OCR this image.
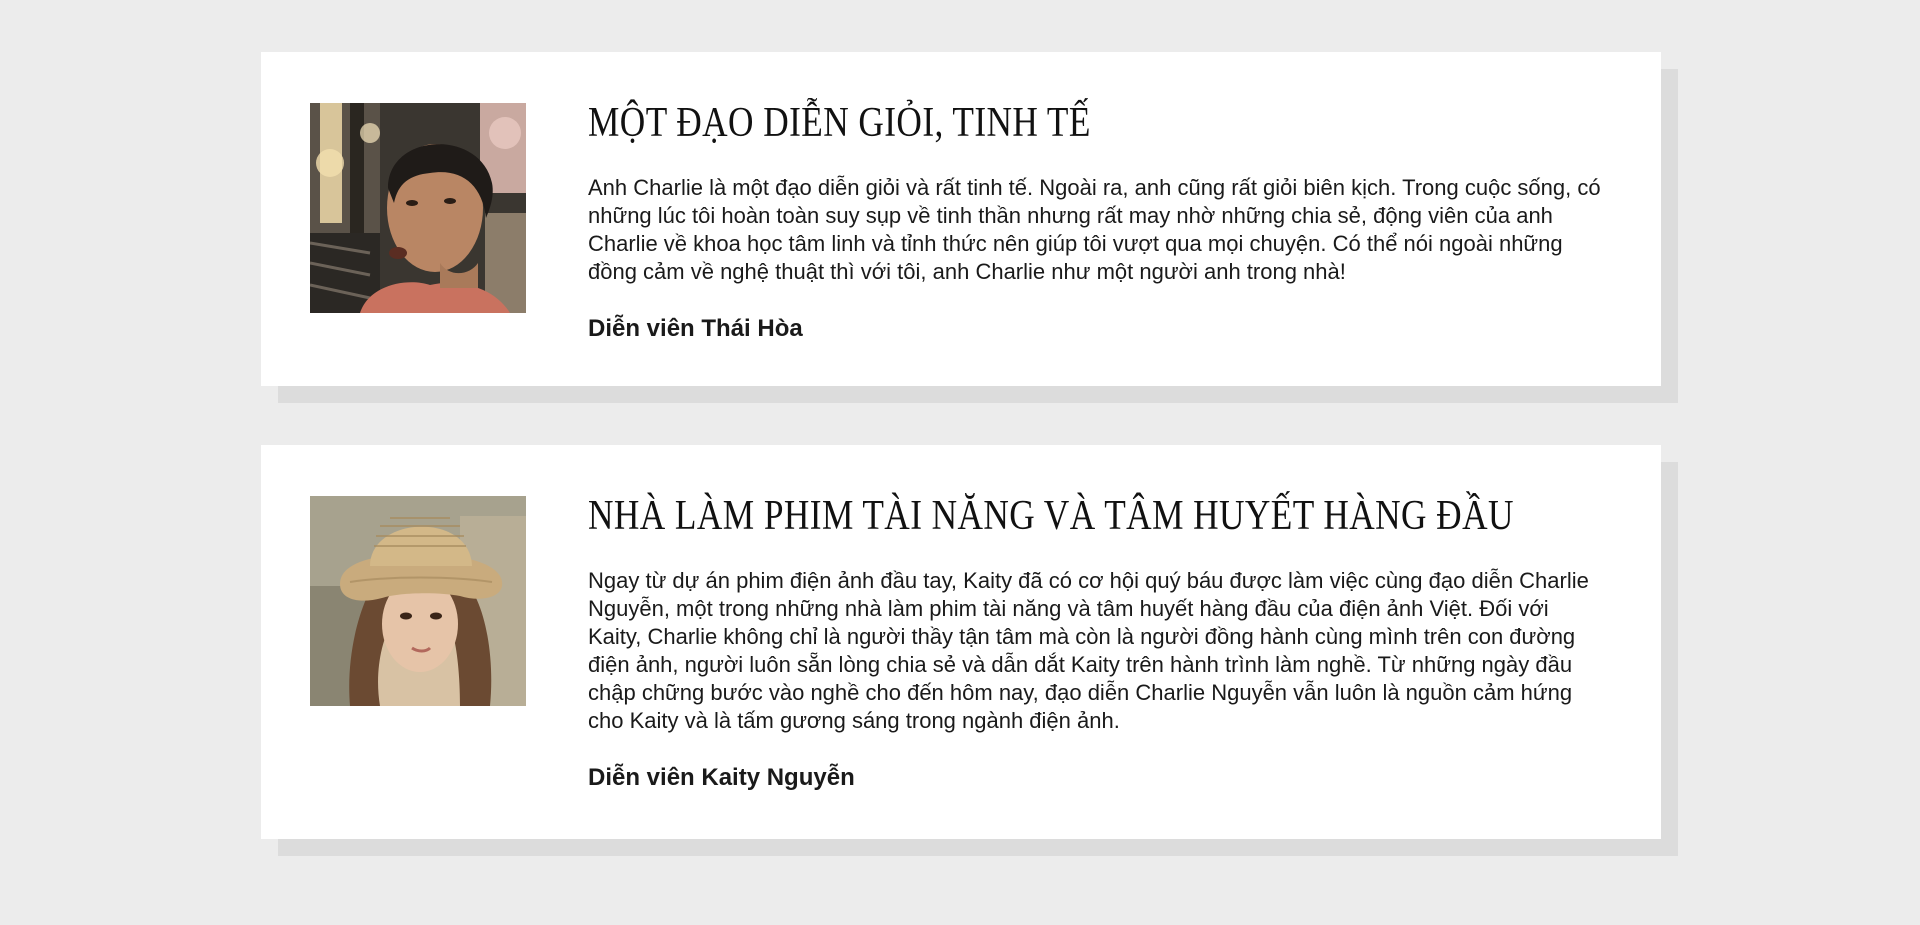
MỘT ĐẠO DIỄN GIỎI, TINH TẾ

Anh Charlie là một đạo diễn giỏi và rất tinh tế. Ngoài ra, anh cũng rất giỏi biên kịch. Trong cuộc sống, có những lúc tôi hoàn toàn suy sụp về tinh thần nhưng rất may nhờ những chia sẻ, động viên của anh Charlie về khoa học tâm linh và tỉnh thức nên giúp tôi vượt qua mọi chuyện. Có thể nói ngoài những đồng cảm về nghệ thuật thì với tôi, anh Charlie như một người anh trong nhà!

Diễn viên Thái Hòa

NHÀ LÀM PHIM TÀI NĂNG VÀ TÂM HUYẾT HÀNG ĐẦU

Ngay từ dự án phim điện ảnh đầu tay, Kaity đã có cơ hội quý báu được làm việc cùng đạo diễn Charlie Nguyễn, một trong những nhà làm phim tài năng và tâm huyết hàng đầu của điện ảnh Việt. Đối với Kaity, Charlie không chỉ là người thầy tận tâm mà còn là người đồng hành cùng mình trên con đường điện ảnh, người luôn sẵn lòng chia sẻ và dẫn dắt Kaity trên hành trình làm nghề. Từ những ngày đầu chập chững bước vào nghề cho đến hôm nay, đạo diễn Charlie Nguyễn vẫn luôn là nguồn cảm hứng cho Kaity và là tấm gương sáng trong ngành điện ảnh.

Diễn viên Kaity Nguyễn
